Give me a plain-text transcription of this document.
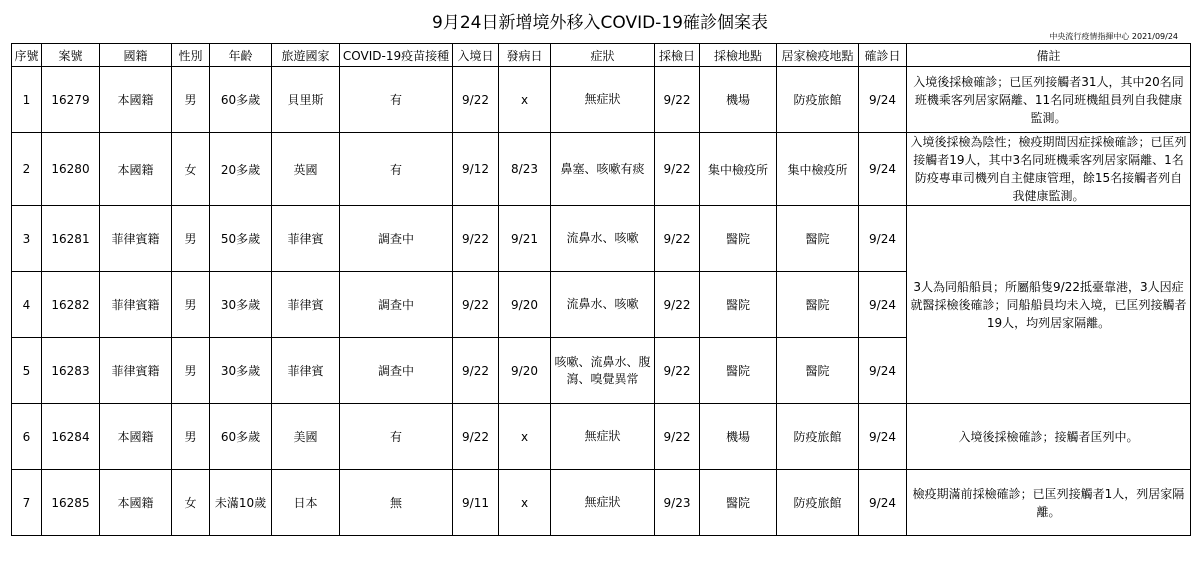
9月24日新增境外移入COVID-19確診個案表
中央流行疫情指揮中心 2021/09/24
序號	案號	國籍	性別	年齡	旅遊國家	COVID-19疫苗接種	入境日	發病日	症狀	採檢日	採檢地點	居家檢疫地點	確診日	備註
1	16279	本國籍	男	60多歲	貝里斯	有	9/22	x	無症狀	9/22	機場	防疫旅館	9/24	入境後採檢確診；已匡列接觸者31人，其中20名同班機乘客列居家隔離、11名同班機組員列自我健康監測。
2	16280	本國籍	女	20多歲	英國	有	9/12	8/23	鼻塞、咳嗽有痰	9/22	集中檢疫所	集中檢疫所	9/24	入境後採檢為陰性；檢疫期間因症採檢確診；已匡列接觸者19人，其中3名同班機乘客列居家隔離、1名防疫專車司機列自主健康管理，餘15名接觸者列自我健康監測。
3	16281	菲律賓籍	男	50多歲	菲律賓	調查中	9/22	9/21	流鼻水、咳嗽	9/22	醫院	醫院	9/24	3人為同船船員；所屬船隻9/22抵臺靠港，3人因症就醫採檢後確診；同船船員均未入境，已匡列接觸者19人，均列居家隔離。
4	16282	菲律賓籍	男	30多歲	菲律賓	調查中	9/22	9/20	流鼻水、咳嗽	9/22	醫院	醫院	9/24	
5	16283	菲律賓籍	男	30多歲	菲律賓	調查中	9/22	9/20	咳嗽、流鼻水、腹瀉、嗅覺異常	9/22	醫院	醫院	9/24	
6	16284	本國籍	男	60多歲	美國	有	9/22	x	無症狀	9/22	機場	防疫旅館	9/24	入境後採檢確診；接觸者匡列中。
7	16285	本國籍	女	未滿10歲	日本	無	9/11	x	無症狀	9/23	醫院	防疫旅館	9/24	檢疫期滿前採檢確診；已匡列接觸者1人，列居家隔離。
